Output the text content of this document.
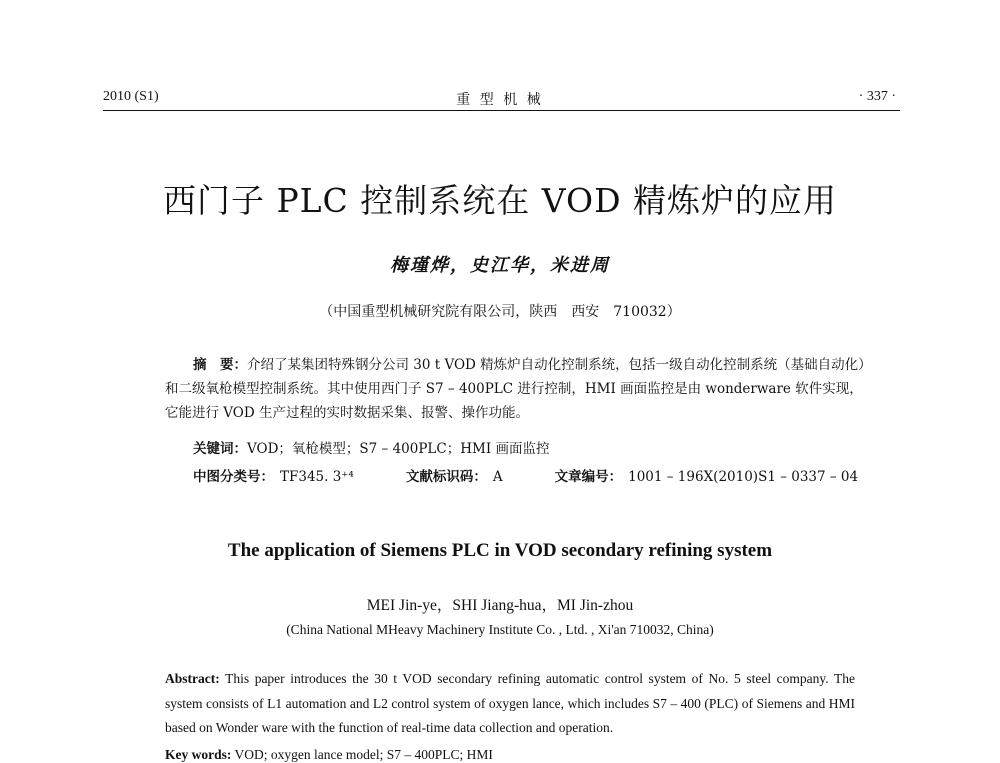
2010 (S1)	重 型 机 械	· 337 ·
西门子 PLC 控制系统在 VOD 精炼炉的应用
梅瑾烨，史江华，米进周
（中国重型机械研究院有限公司，陕西　西安　710032）
摘　要：介绍了某集团特殊钢分公司 30 t VOD 精炼炉自动化控制系统，包括一级自动化控制系统（基础自动化）和二级氧枪模型控制系统。其中使用西门子 S7 – 400PLC 进行控制，HMI 画面监控是由 wonderware 软件实现，它能进行 VOD 生产过程的实时数据采集、报警、操作功能。
关键词：VOD；氧枪模型；S7 – 400PLC；HMI 画面监控
中图分类号： TF345. 3⁺⁴	文献标识码： A	文章编号： 1001 – 196X(2010)S1 – 0337 – 04
The application of Siemens PLC in VOD secondary refining system
MEI Jin-ye，SHI Jiang-hua，MI Jin-zhou
(China National MHeavy Machinery Institute Co. , Ltd. , Xi'an 710032, China)
Abstract: This paper introduces the 30 t VOD secondary refining automatic control system of No. 5 steel company. The system consists of L1 automation and L2 control system of oxygen lance, which includes S7 – 400 (PLC) of Siemens and HMI based on Wonder ware with the function of real-time data collection and operation.
Key words: VOD; oxygen lance model; S7 – 400PLC; HMI
